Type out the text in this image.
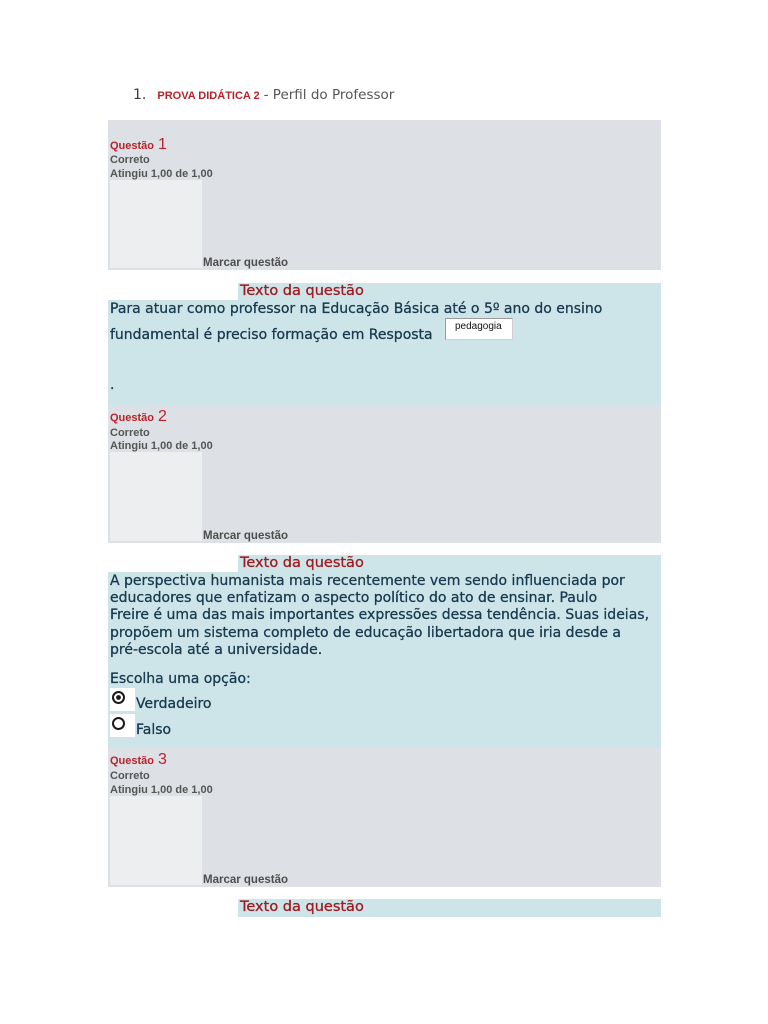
1. PROVA DIDÁTICA 2 - Perfil do Professor
Questão 1
Correto
Atingiu 1,00 de 1,00
Marcar questão
Texto da questão
Para atuar como professor na Educação Básica até o 5º ano do ensino
fundamental é preciso formação em Resposta
pedagogia
.
Questão 2
Correto
Atingiu 1,00 de 1,00
Marcar questão
Texto da questão
A perspectiva humanista mais recentemente vem sendo influenciada por
educadores que enfatizam o aspecto político do ato de ensinar. Paulo
Freire é uma das mais importantes expressões dessa tendência. Suas ideias,
propõem um sistema completo de educação libertadora que iria desde a
pré-escola até a universidade.
Escolha uma opção:
Verdadeiro
Falso
Questão 3
Correto
Atingiu 1,00 de 1,00
Marcar questão
Texto da questão
